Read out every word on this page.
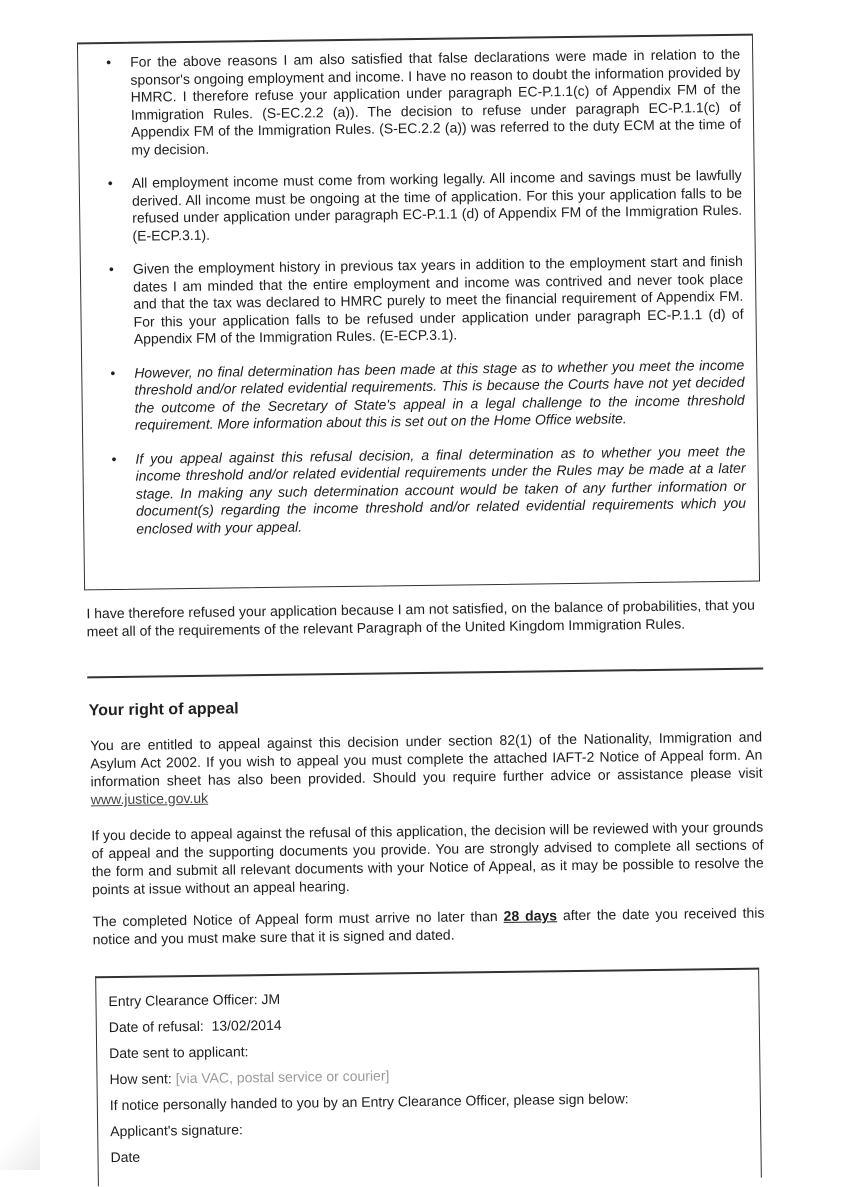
• For the above reasons I am also satisfied that false declarations were made in relation to the sponsor's ongoing employment and income. I have no reason to doubt the information provided by HMRC. I therefore refuse your application under paragraph EC-P.1.1(c) of Appendix FM of the Immigration Rules. (S-EC.2.2 (a)). The decision to refuse under paragraph EC-P.1.1(c) of Appendix FM of the Immigration Rules. (S-EC.2.2 (a)) was referred to the duty ECM at the time of my decision.
• All employment income must come from working legally. All income and savings must be lawfully derived. All income must be ongoing at the time of application. For this your application falls to be refused under application under paragraph EC-P.1.1 (d) of Appendix FM of the Immigration Rules. (E-ECP.3.1).
• Given the employment history in previous tax years in addition to the employment start and finish dates I am minded that the entire employment and income was contrived and never took place and that the tax was declared to HMRC purely to meet the financial requirement of Appendix FM. For this your application falls to be refused under application under paragraph EC-P.1.1 (d) of Appendix FM of the Immigration Rules. (E-ECP.3.1).
• However, no final determination has been made at this stage as to whether you meet the income threshold and/or related evidential requirements. This is because the Courts have not yet decided the outcome of the Secretary of State's appeal in a legal challenge to the income threshold requirement. More information about this is set out on the Home Office website.
• If you appeal against this refusal decision, a final determination as to whether you meet the income threshold and/or related evidential requirements under the Rules may be made at a later stage. In making any such determination account would be taken of any further information or document(s) regarding the income threshold and/or related evidential requirements which you enclosed with your appeal.

I have therefore refused your application because I am not satisfied, on the balance of probabilities, that you meet all of the requirements of the relevant Paragraph of the United Kingdom Immigration Rules.

Your right of appeal

You are entitled to appeal against this decision under section 82(1) of the Nationality, Immigration and Asylum Act 2002. If you wish to appeal you must complete the attached IAFT-2 Notice of Appeal form. An information sheet has also been provided. Should you require further advice or assistance please visit www.justice.gov.uk

If you decide to appeal against the refusal of this application, the decision will be reviewed with your grounds of appeal and the supporting documents you provide. You are strongly advised to complete all sections of the form and submit all relevant documents with your Notice of Appeal, as it may be possible to resolve the points at issue without an appeal hearing.

The completed Notice of Appeal form must arrive no later than 28 days after the date you received this notice and you must make sure that it is signed and dated.

Entry Clearance Officer: JM

Date of refusal: 13/02/2014

Date sent to applicant:

How sent: [via VAC, postal service or courier]

If notice personally handed to you by an Entry Clearance Officer, please sign below:

Applicant's signature:

Date
